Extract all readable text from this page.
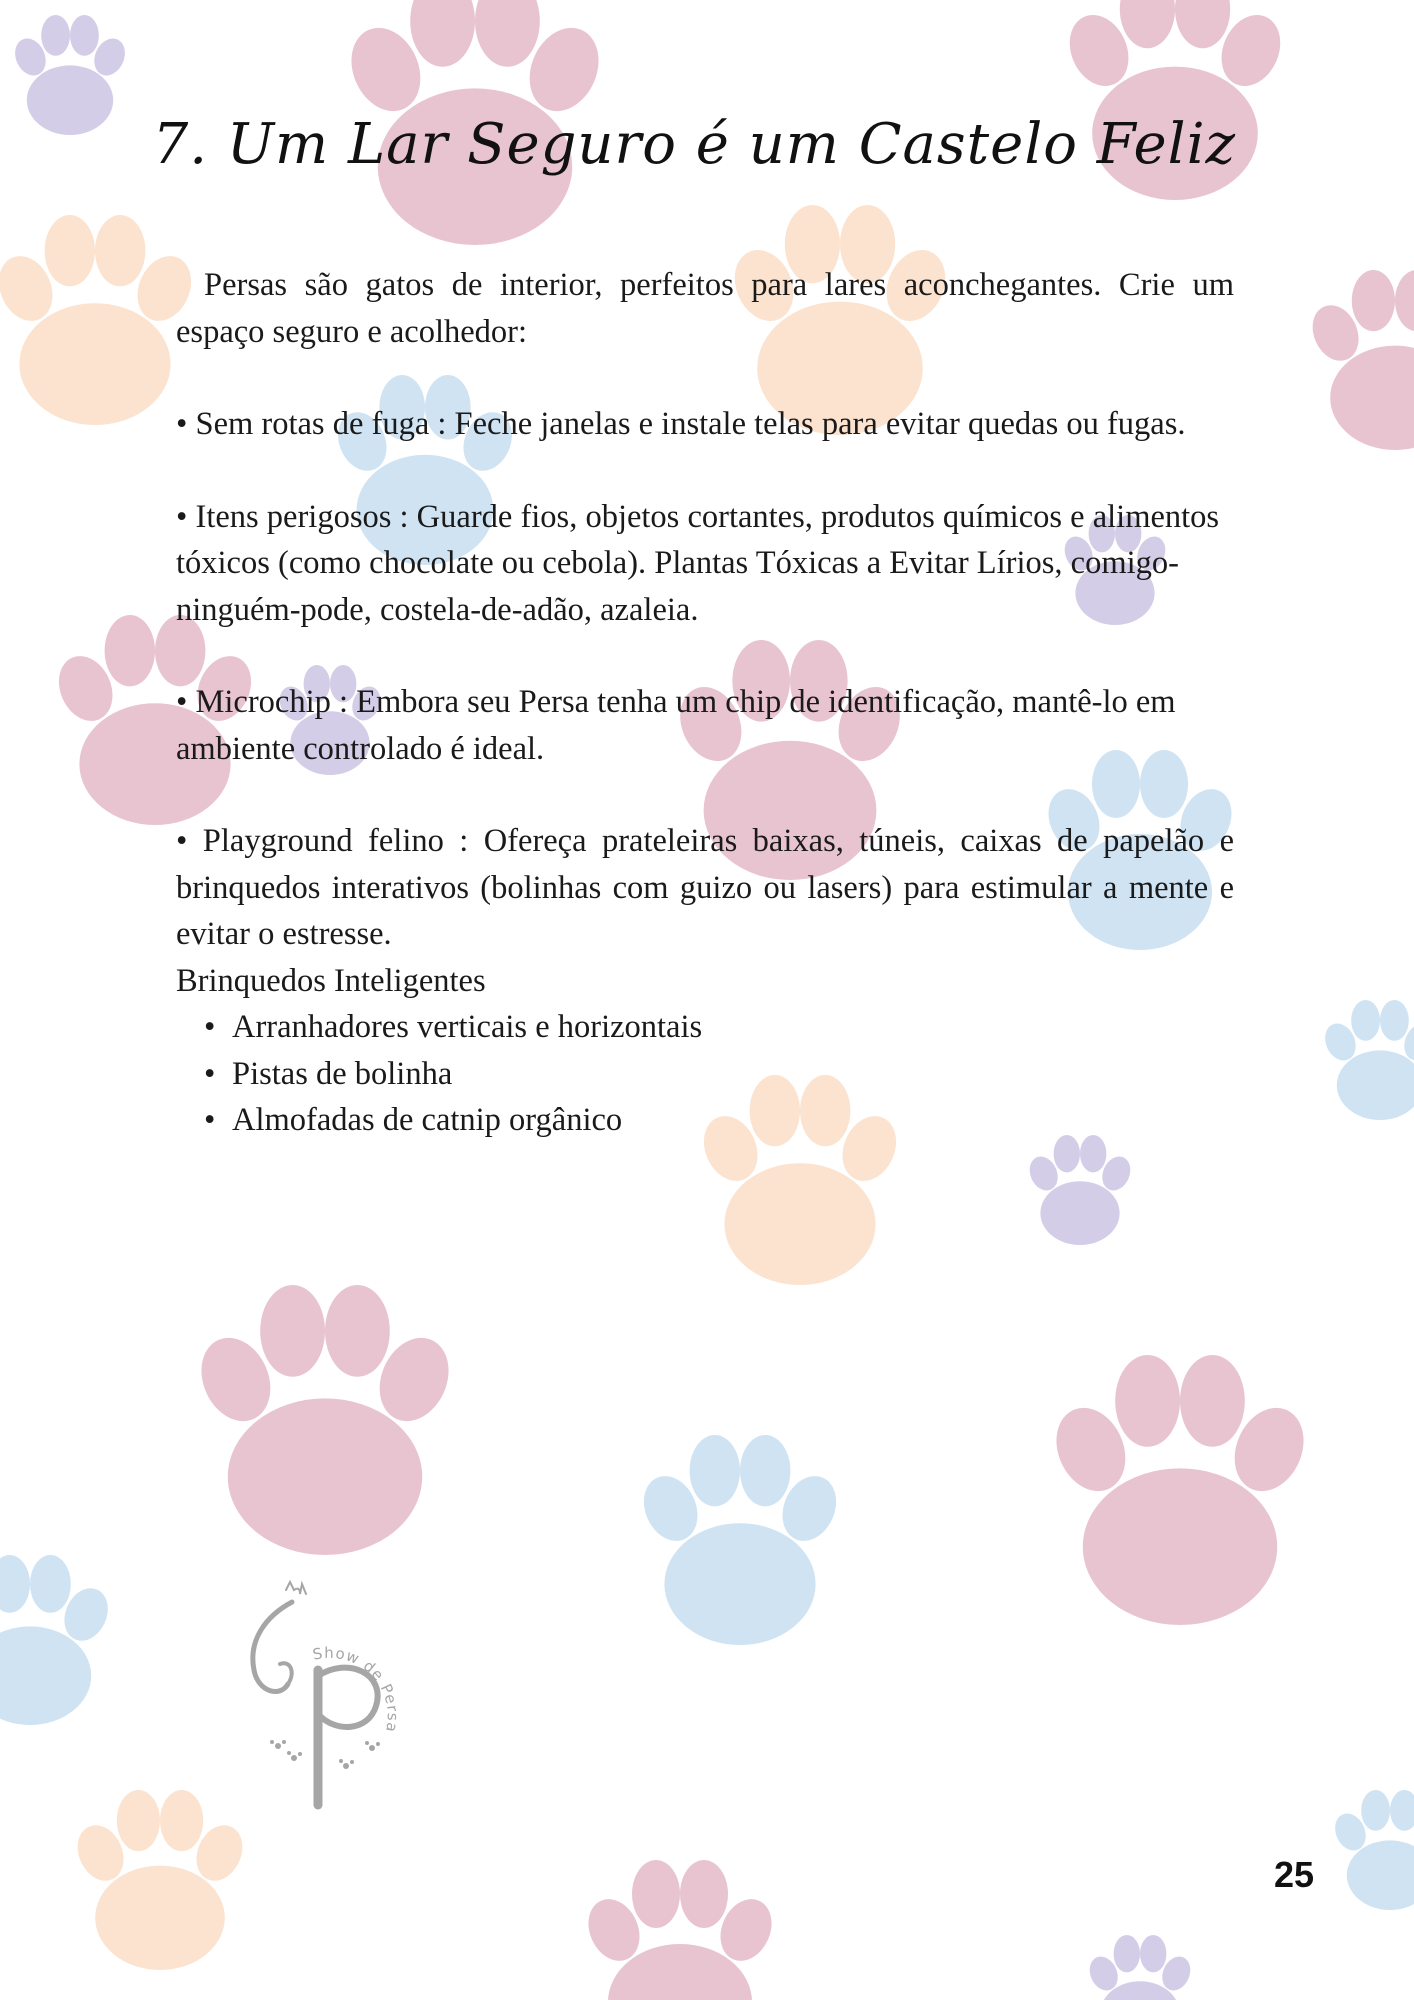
7. Um Lar Seguro é um Castelo Feliz

Persas são gatos de interior, perfeitos para lares aconchegantes. Crie um espaço seguro e acolhedor:

• Sem rotas de fuga : Feche janelas e instale telas para evitar quedas ou fugas.

• Itens perigosos : Guarde fios, objetos cortantes, produtos químicos e alimentos tóxicos (como chocolate ou cebola). Plantas Tóxicas a Evitar Lírios, comigo-ninguém-pode, costela-de-adão, azaleia.

• Microchip : Embora seu Persa tenha um chip de identificação, mantê-lo em ambiente controlado é ideal.

• Playground felino : Ofereça prateleiras baixas, túneis, caixas de papelão e brinquedos interativos (bolinhas com guizo ou lasers) para estimular a mente e evitar o estresse.

Brinquedos Inteligentes

• Arranhadores verticais e horizontais
• Pistas de bolinha
• Almofadas de catnip orgânico
Show de Persa
25
